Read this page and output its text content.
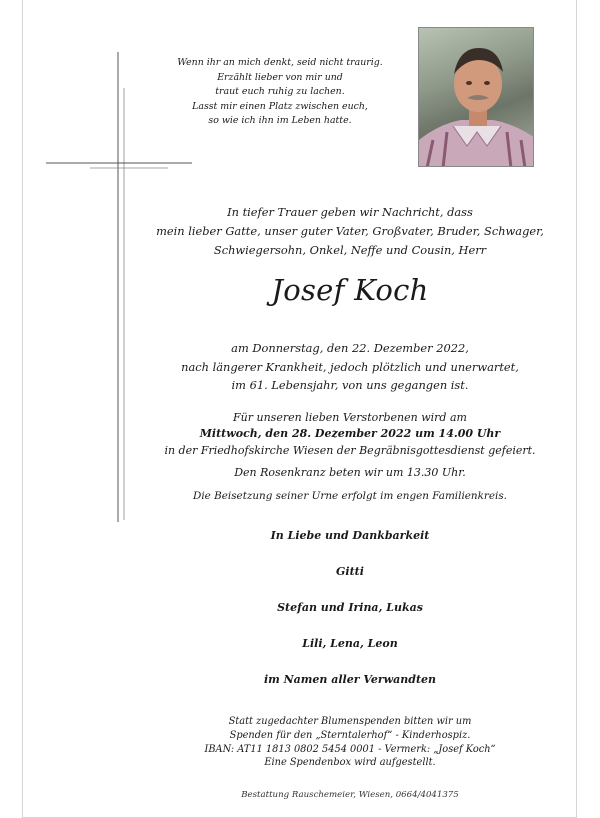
Wenn ihr an mich denkt, seid nicht traurig.
Erzählt lieber von mir und
traut euch ruhig zu lachen.
Lasst mir einen Platz zwischen euch,
so wie ich ihn im Leben hatte.
In tiefer Trauer geben wir Nachricht, dass
mein lieber Gatte, unser guter Vater, Großvater, Bruder, Schwager,
Schwiegersohn, Onkel, Neffe und Cousin, Herr
Josef Koch
am Donnerstag, den 22. Dezember 2022,
nach längerer Krankheit, jedoch plötzlich und unerwartet,
im 61. Lebensjahr, von uns gegangen ist.
Für unseren lieben Verstorbenen wird am
Mittwoch, den 28. Dezember 2022 um 14.00 Uhr
in der Friedhofskirche Wiesen der Begräbnisgottesdienst gefeiert.
Den Rosenkranz beten wir um 13.30 Uhr.
Die Beisetzung seiner Urne erfolgt im engen Familienkreis.
In Liebe und Dankbarkeit
Gitti
Stefan und Irina, Lukas
Lili, Lena, Leon
im Namen aller Verwandten
Statt zugedachter Blumenspenden bitten wir um
Spenden für den „Sterntalerhof“ - Kinderhospiz.
IBAN: AT11 1813 0802 5454 0001 - Vermerk: „Josef Koch“
Eine Spendenbox wird aufgestellt.
Bestattung Rauschemeier, Wiesen, 0664/4041375
